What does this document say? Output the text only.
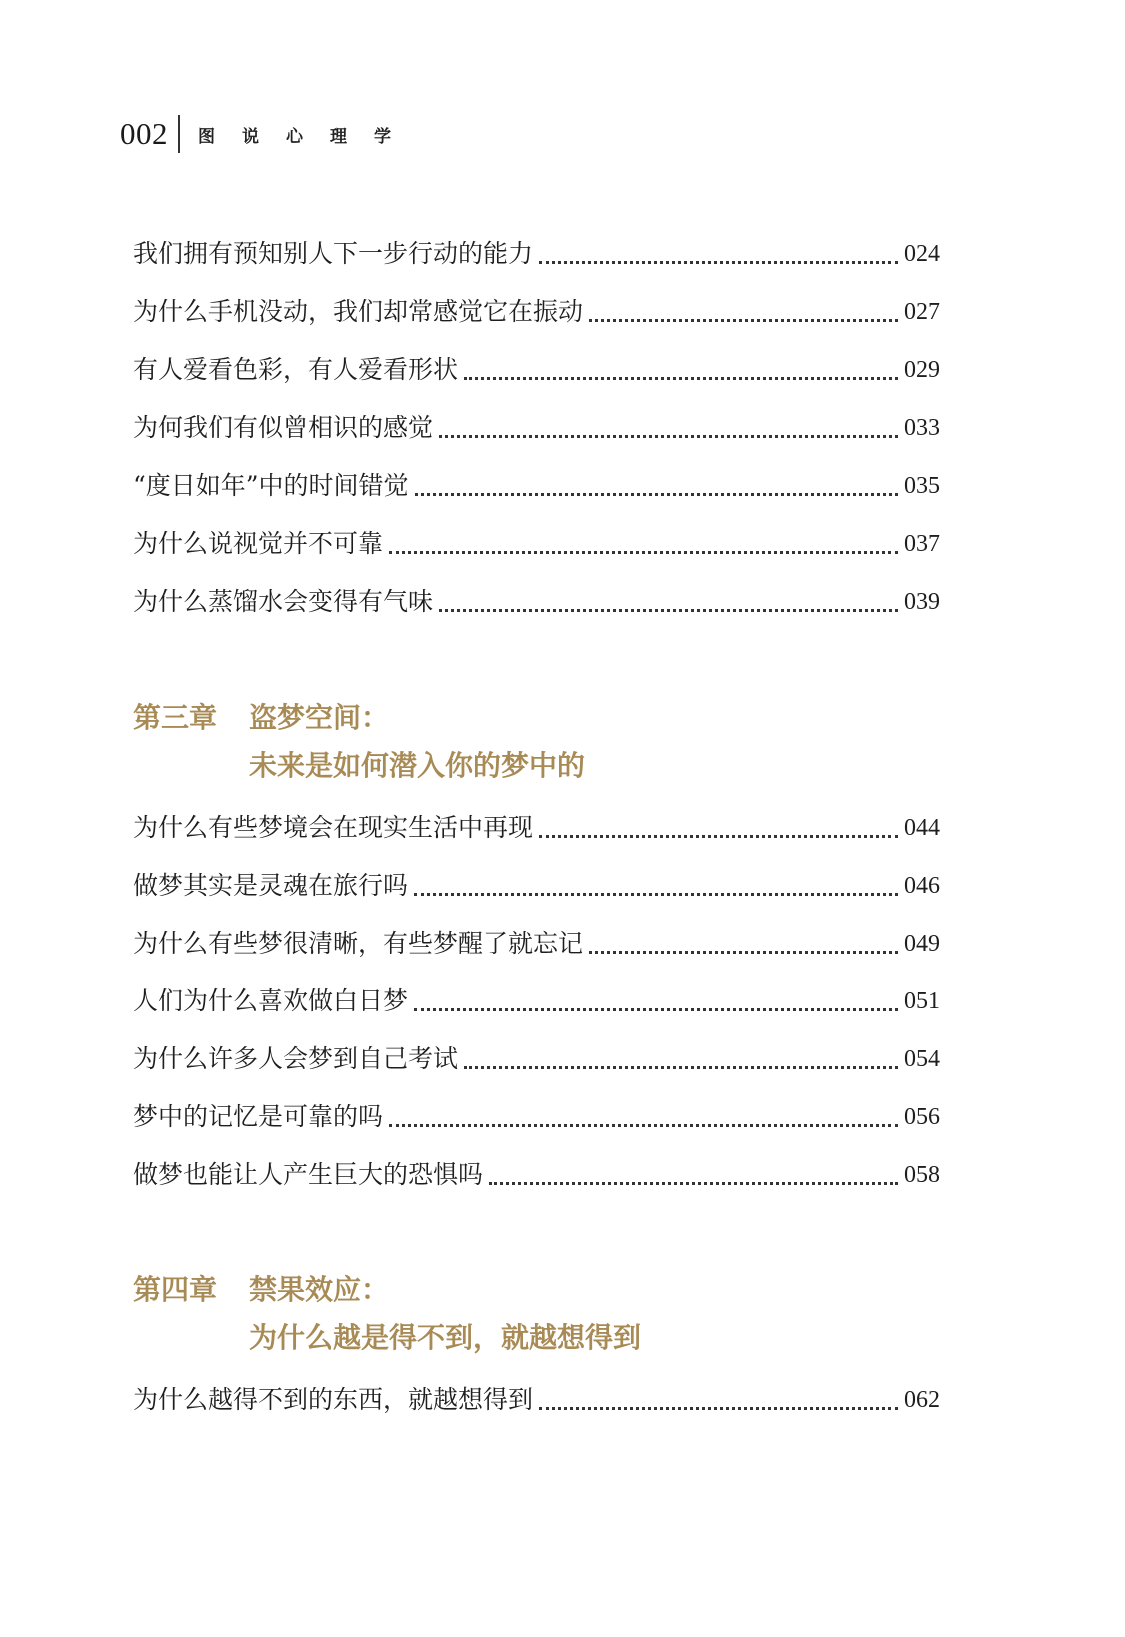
002 图说心理学
我们拥有预知别人下一步行动的能力	024
为什么手机没动，我们却常感觉它在振动	027
有人爱看色彩，有人爱看形状	029
为何我们有似曾相识的感觉	033
“度日如年”中的时间错觉	035
为什么说视觉并不可靠	037
为什么蒸馏水会变得有气味	039
第三章	盗梦空间：
未来是如何潜入你的梦中的
为什么有些梦境会在现实生活中再现	044
做梦其实是灵魂在旅行吗	046
为什么有些梦很清晰，有些梦醒了就忘记	049
人们为什么喜欢做白日梦	051
为什么许多人会梦到自己考试	054
梦中的记忆是可靠的吗	056
做梦也能让人产生巨大的恐惧吗	058
第四章	禁果效应：
为什么越是得不到，就越想得到
为什么越得不到的东西，就越想得到	062
